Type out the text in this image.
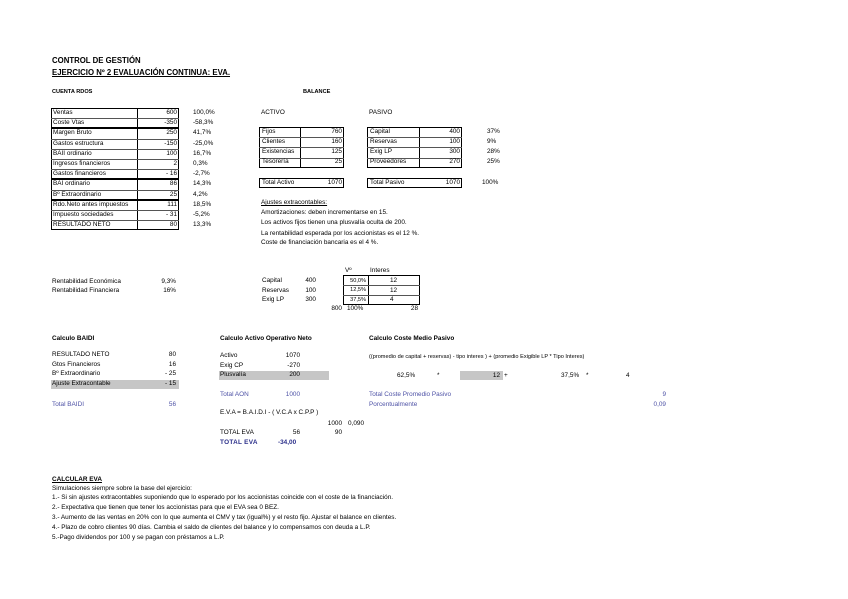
CONTROL DE GESTIÓN
EJERCICIO Nº 2 EVALUACIÓN CONTINUA: EVA.
CUENTA RDOS	BALANCE
Ventas	600	100,0%
Coste Vtas	-350	-58,3%
Margen Bruto	250	41,7%
Gastos estructura	-150	-25,0%
BAII ordinario	100	16,7%
Ingresos financieros	2	0,3%
Gastos financieros	- 16	-2,7%
BAI ordinario	86	14,3%
Bº Extraordinario	25	4,2%
Rdo.Neto antes impuestos	111	18,5%
Impuesto sociedades	- 31	-5,2%
RESULTADO NETO	80	13,3%
ACTIVO	PASIVO
Fijos	760
Clientes	160
Existencias	125
Tesorería	25
Capital	400	37%
Reservas	100	9%
Exig LP	300	28%
Proveedores	270	25%
Total Activo	1070	Total Pasivo	1070	100%
Ajustes extracontables:
Amortizaciones: deben incrementarse en 15.
Los activos fijos tienen una plusvalía oculta de 200.
La rentabilidad esperada por los accionistas es el 12 %.
Coste de financiación bancaria es el 4 %.
Rentabilidad Económica	9,3%
Rentabilidad Financiera	16%
Vº	Interes
Capital	400	50,0%	12
Reservas	100	12,5%	12
Exig LP	300	37,5%	4
800 100%	28
Calculo BAIDI
RESULTADO NETO	80
Gtos Financieros	16
Bº Extraordinario	- 25
Ajuste Extracontable	- 15
Total BAIDI	56
Calculo Activo Operativo Neto
Activo	1070
Exig CP	-270
Plusvalía	200
Total AON	1000
E.V.A = B.A.I.D.I - ( V.C.A x C.P.P )
1000 0,090
TOTAL EVA	56	90
TOTAL EVA	-34,00
Calculo Coste Medio Pasivo
((promedio de capital + reservas) - tipo interes ) + (promedio Exigible LP * Tipo Interes)
62,5%	*	12 +	37,5% *	4
Total Coste Promedio Pasivo	9
Porcentualmente	0,09
CALCULAR EVA
Simulaciones siempre sobre la base del ejercicio:
1.- Si sin ajustes extracontables suponiendo que lo esperado por los accionistas coincide con el coste de la financiación.
2.- Expectativa que tienen que tener los accionistas para que el EVA sea 0 BEZ.
3.- Aumento de las ventas en 20% con lo que aumenta el CMV y tax (igual%) y el resto fijo. Ajustar el balance en clientes.
4.- Plazo de cobro clientes 90 días. Cambia el saldo de clientes del balance y lo compensamos con deuda a L.P.
5.-Pago dividendos por 100 y se pagan con préstamos a L.P.
